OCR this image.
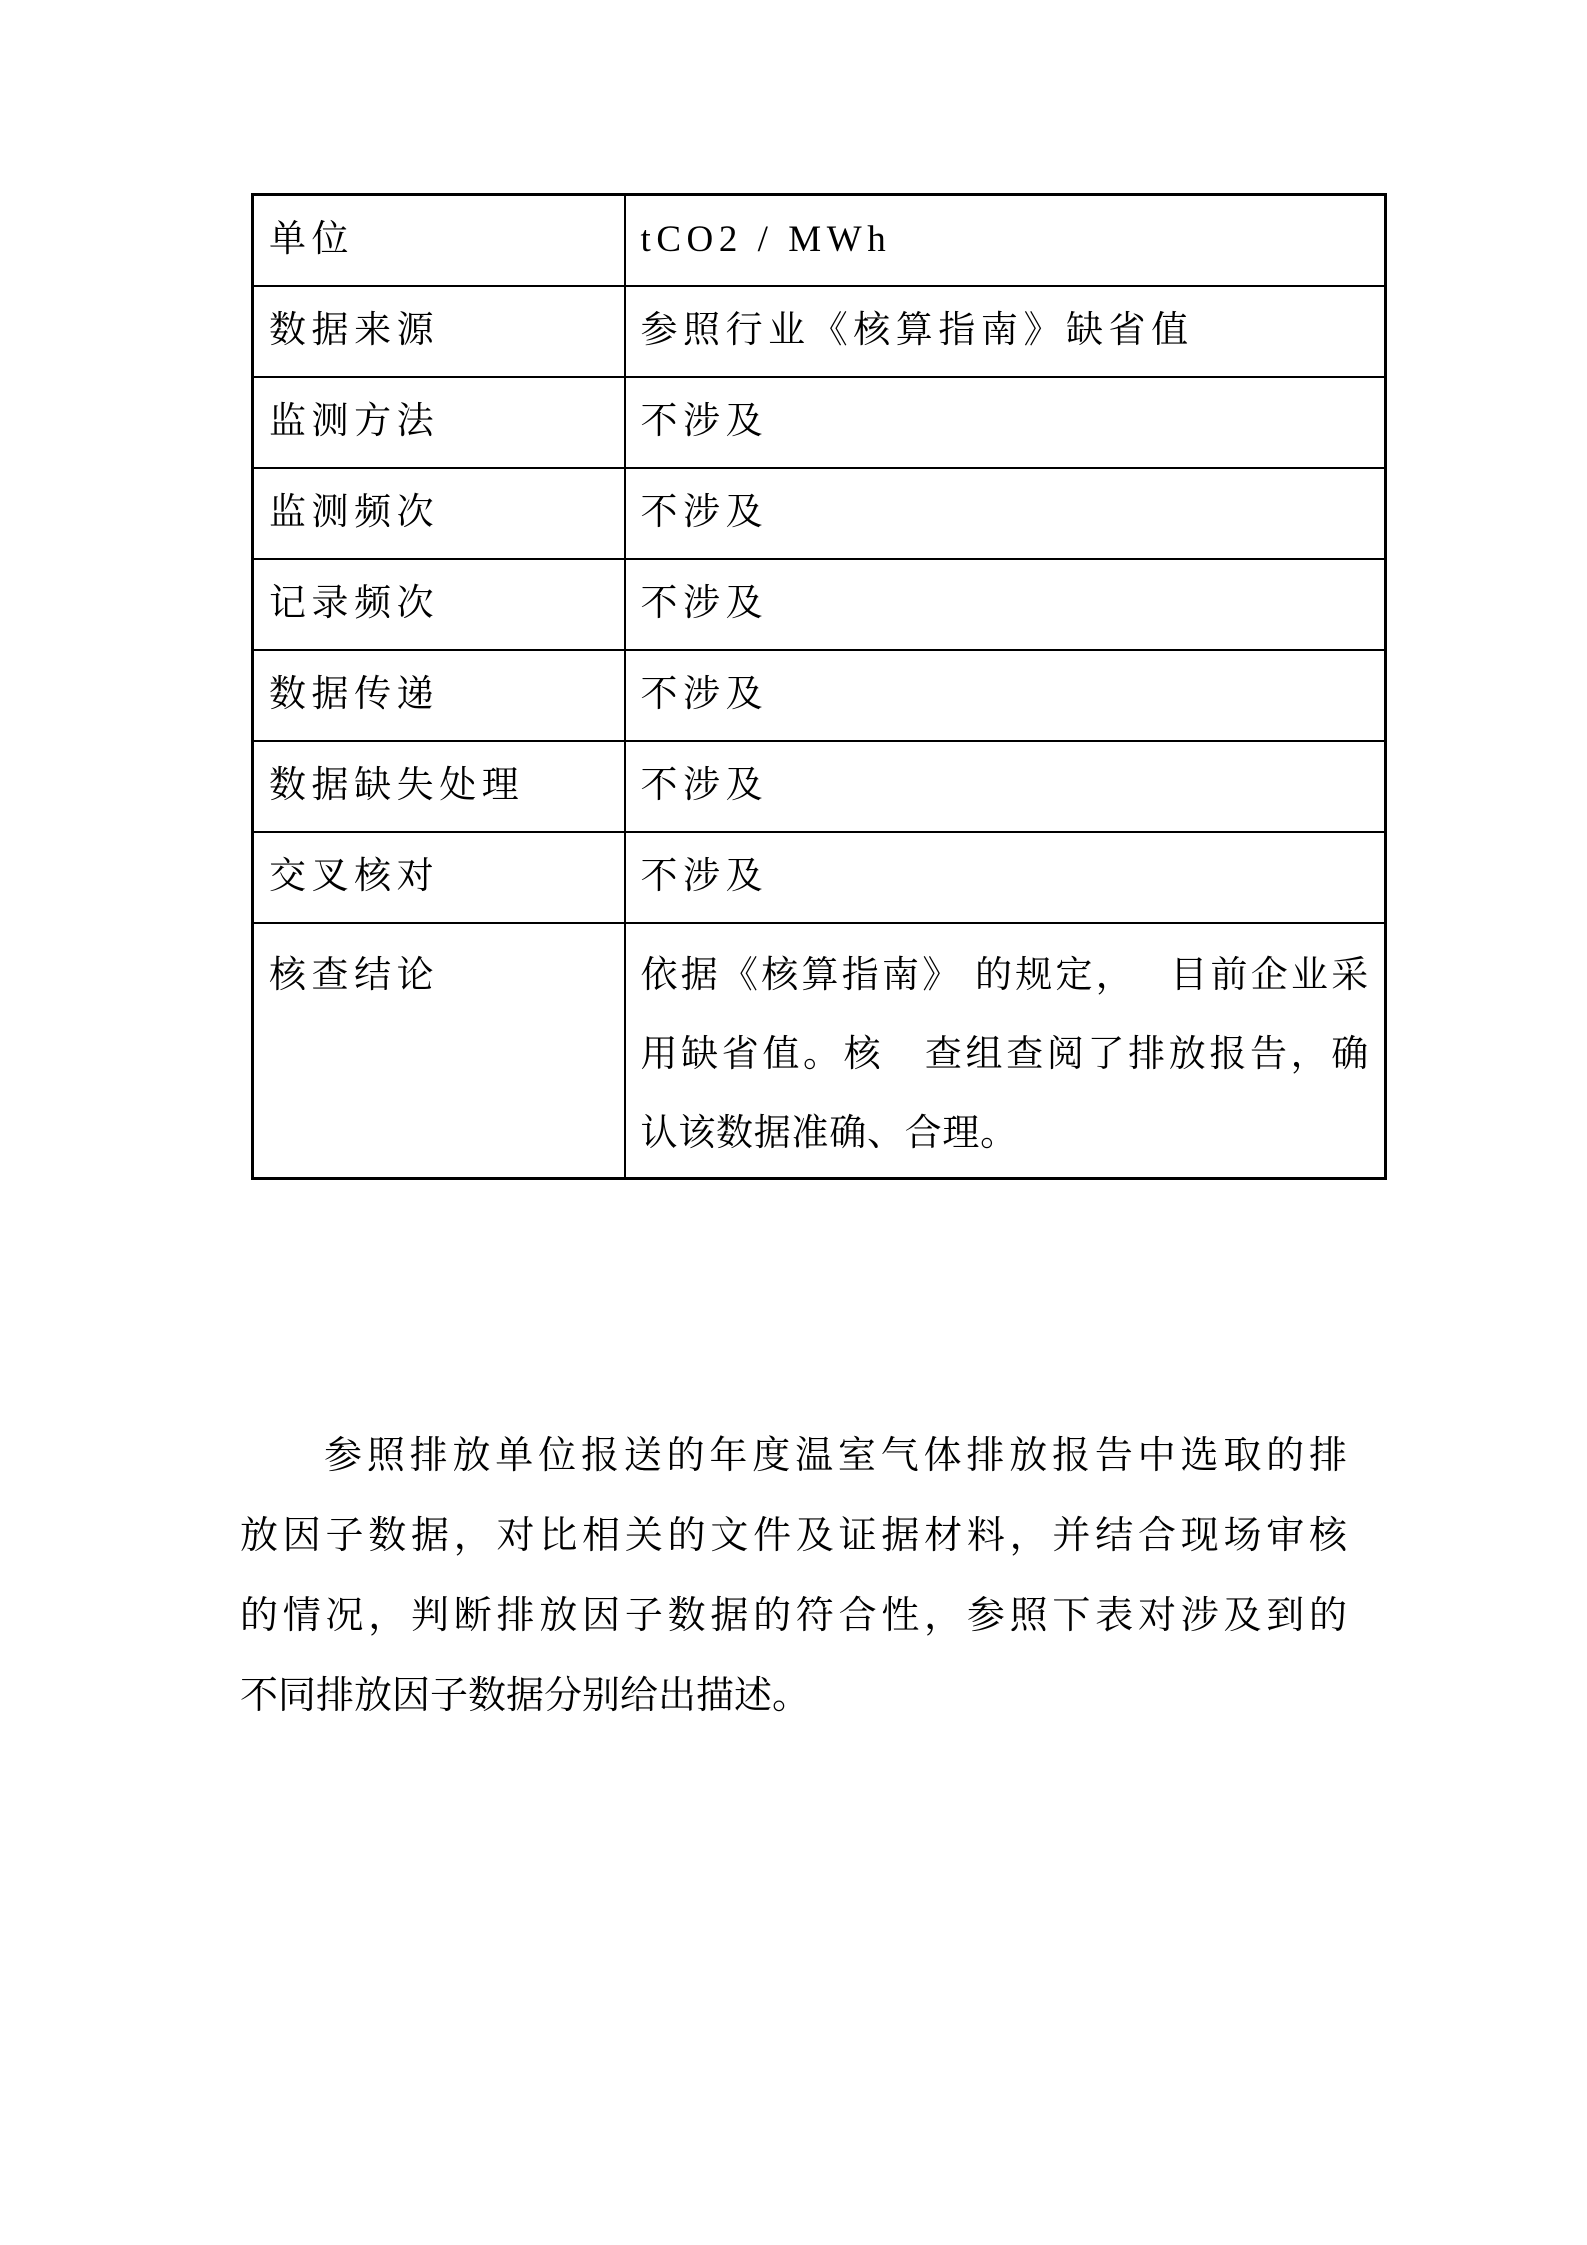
单位	tCO2 / MWh
数据来源	参照行业《核算指南》缺省值
监测方法	不涉及
监测频次	不涉及
记录频次	不涉及
数据传递	不涉及
数据缺失处理	不涉及
交叉核对	不涉及
核查结论	依据《核算指南》 的规定，　 目前企业采
用缺省值。核　查组查阅了排放报告，确
认该数据准确、合理。
参照排放单位报送的年度温室气体排放报告中选取的排
放因子数据，对比相关的文件及证据材料，并结合现场审核
的情况，判断排放因子数据的符合性，参照下表对涉及到的
不同排放因子数据分别给出描述。
